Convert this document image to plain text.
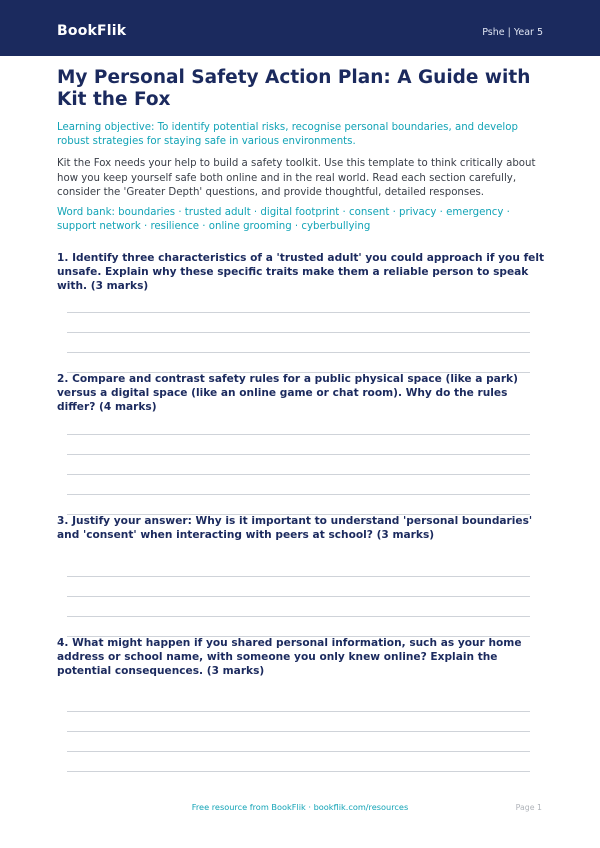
BookFlik	Pshe | Year 5
My Personal Safety Action Plan: A Guide with Kit the Fox

Learning objective: To identify potential risks, recognise personal boundaries, and develop robust strategies for staying safe in various environments.

Kit the Fox needs your help to build a safety toolkit. Use this template to think critically about how you keep yourself safe both online and in the real world. Read each section carefully, consider the 'Greater Depth' questions, and provide thoughtful, detailed responses.

Word bank: boundaries · trusted adult · digital footprint · consent · privacy · emergency · support network · resilience · online grooming · cyberbullying

1. Identify three characteristics of a 'trusted adult' you could approach if you felt unsafe. Explain why these specific traits make them a reliable person to speak with. (3 marks)

2. Compare and contrast safety rules for a public physical space (like a park) versus a digital space (like an online game or chat room). Why do the rules differ? (4 marks)

3. Justify your answer: Why is it important to understand 'personal boundaries' and 'consent' when interacting with peers at school? (3 marks)

4. What might happen if you shared personal information, such as your home address or school name, with someone you only knew online? Explain the potential consequences. (3 marks)

Free resource from BookFlik · bookflik.com/resources	Page 1
